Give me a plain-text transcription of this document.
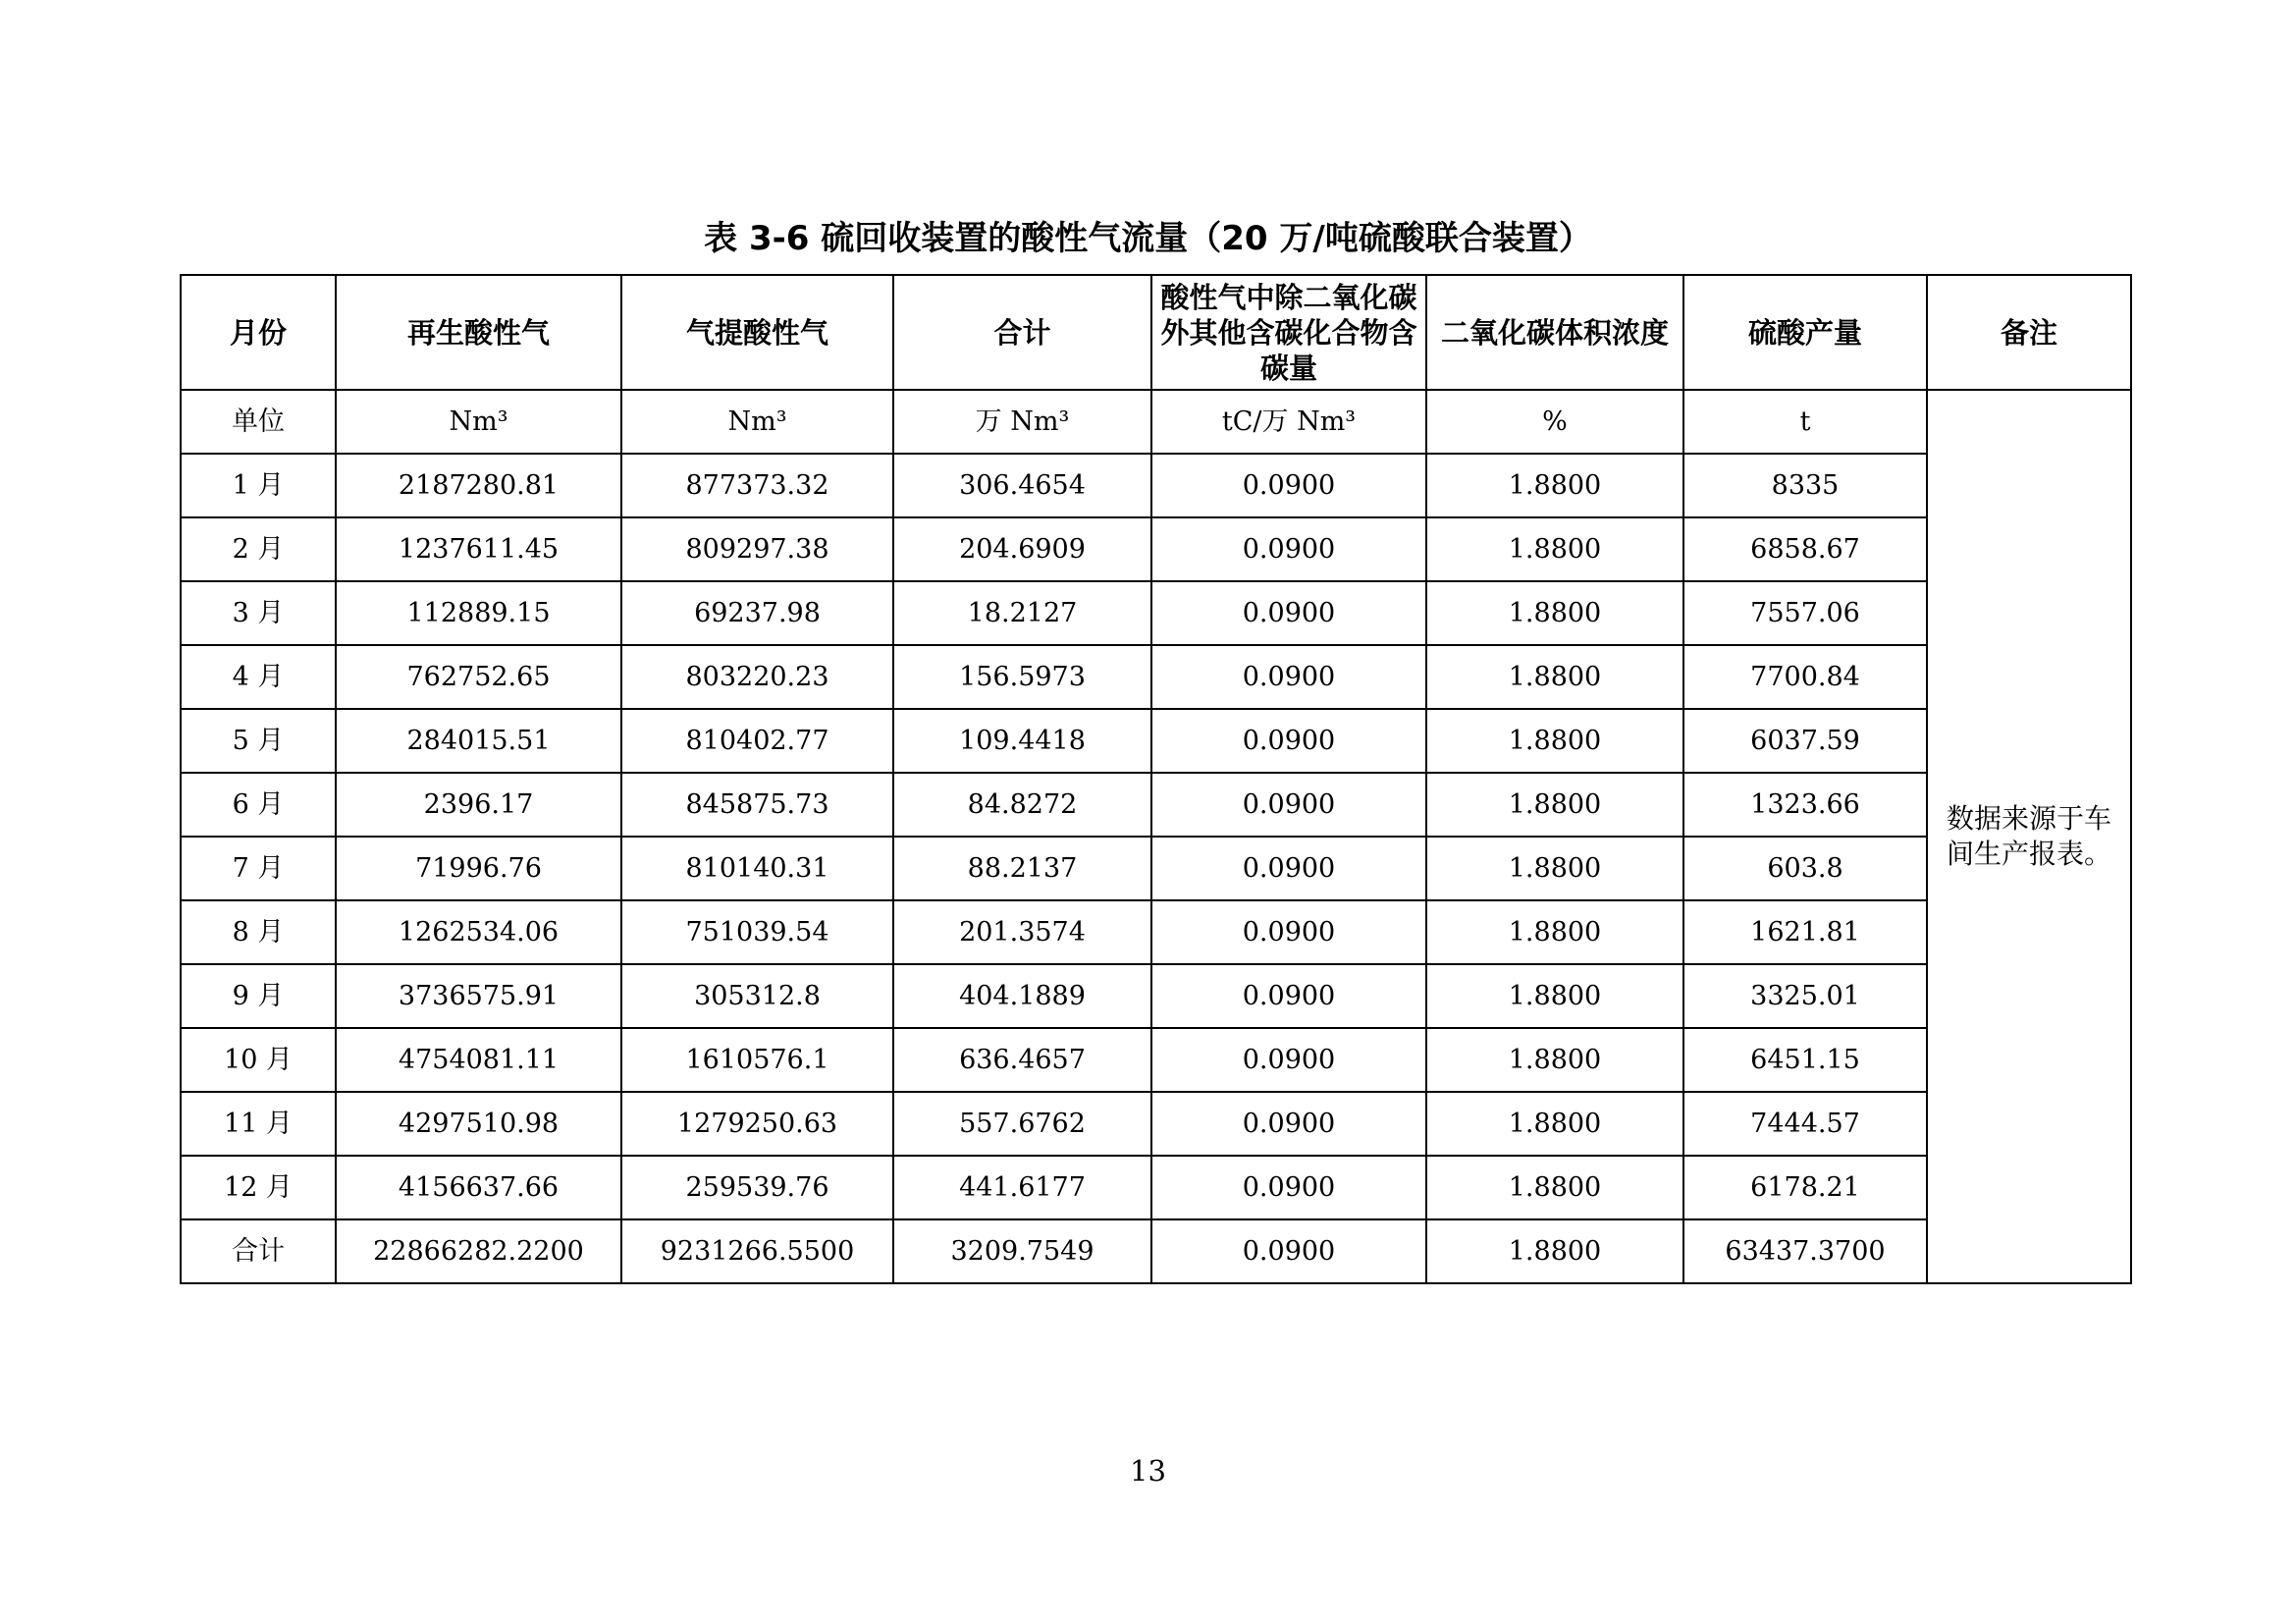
表 3-6 硫回收装置的酸性气流量（20 万/吨硫酸联合装置）
月份	再生酸性气	气提酸性气	合计	酸性气中除二氧化碳外其他含碳化合物含碳量	二氧化碳体积浓度	硫酸产量	备注
单位	Nm³	Nm³	万 Nm³	tC/万 Nm³	%	t	数据来源于车间生产报表。
1 月	2187280.81	877373.32	306.4654	0.0900	1.8800	8335	
2 月	1237611.45	809297.38	204.6909	0.0900	1.8800	6858.67	
3 月	112889.15	69237.98	18.2127	0.0900	1.8800	7557.06	
4 月	762752.65	803220.23	156.5973	0.0900	1.8800	7700.84	
5 月	284015.51	810402.77	109.4418	0.0900	1.8800	6037.59	
6 月	2396.17	845875.73	84.8272	0.0900	1.8800	1323.66	
7 月	71996.76	810140.31	88.2137	0.0900	1.8800	603.8	
8 月	1262534.06	751039.54	201.3574	0.0900	1.8800	1621.81	
9 月	3736575.91	305312.8	404.1889	0.0900	1.8800	3325.01	
10 月	4754081.11	1610576.1	636.4657	0.0900	1.8800	6451.15	
11 月	4297510.98	1279250.63	557.6762	0.0900	1.8800	7444.57	
12 月	4156637.66	259539.76	441.6177	0.0900	1.8800	6178.21	
合计	22866282.2200	9231266.5500	3209.7549	0.0900	1.8800	63437.3700	
13
